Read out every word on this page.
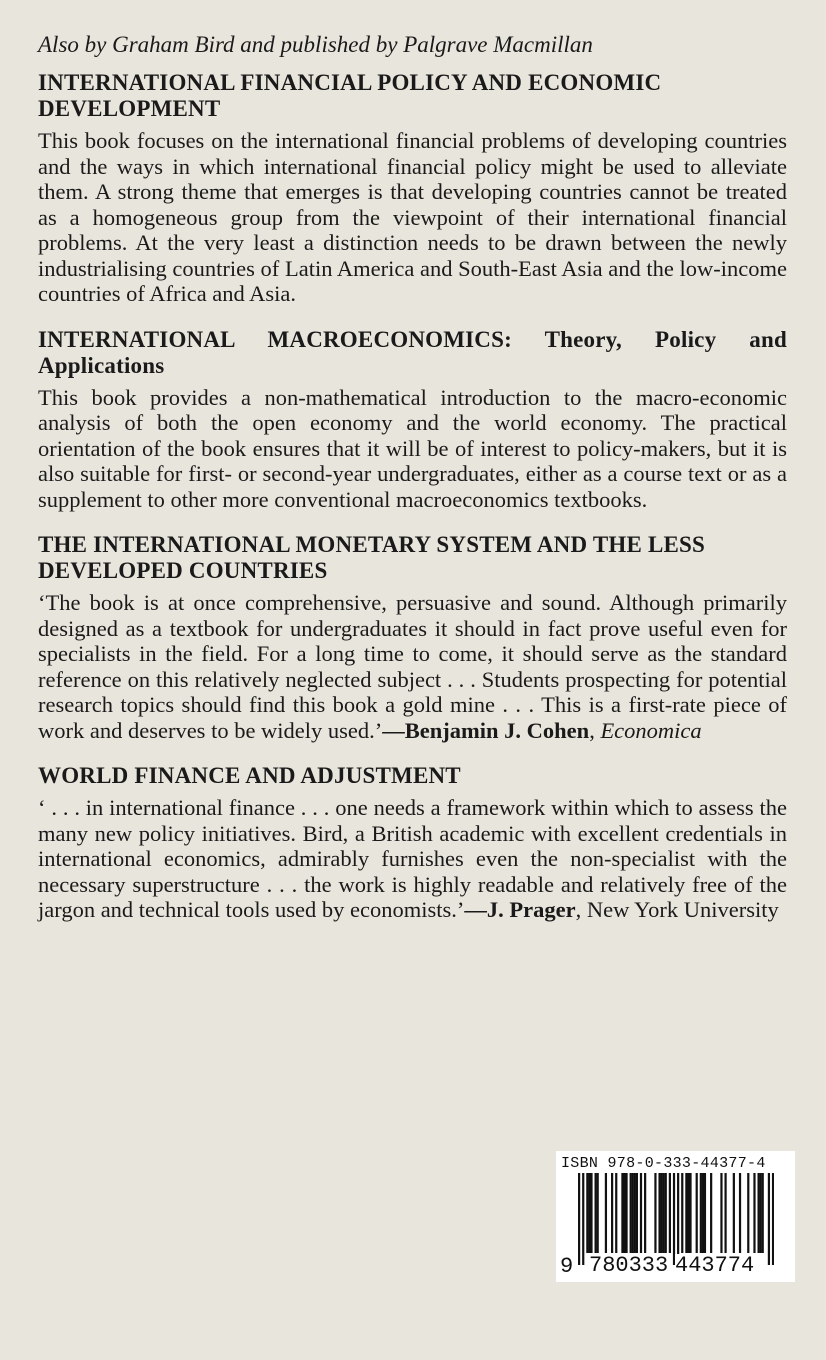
Also by Graham Bird and published by Palgrave Macmillan

INTERNATIONAL FINANCIAL POLICY AND ECONOMIC DEVELOPMENT

This book focuses on the international financial problems of developing countries and the ways in which international financial policy might be used to alleviate them. A strong theme that emerges is that developing countries cannot be treated as a homogeneous group from the viewpoint of their international financial problems. At the very least a distinction needs to be drawn between the newly industrialising countries of Latin America and South-East Asia and the low-income countries of Africa and Asia.

INTERNATIONAL MACROECONOMICS: Theory, Policy and
Applications

This book provides a non-mathematical introduction to the macro-economic analysis of both the open economy and the world economy. The practical orientation of the book ensures that it will be of interest to policy-makers, but it is also suitable for first- or second-year undergraduates, either as a course text or as a supplement to other more conventional macroeconomics textbooks.

THE INTERNATIONAL MONETARY SYSTEM AND THE LESS DEVELOPED COUNTRIES

‘The book is at once comprehensive, persuasive and sound. Although primarily designed as a textbook for undergraduates it should in fact prove useful even for specialists in the field. For a long time to come, it should serve as the standard reference on this relatively neglected subject . . . Students prospecting for potential research topics should find this book a gold mine . . . This is a first-rate piece of work and deserves to be widely used.’—Benjamin J. Cohen, Economica

WORLD FINANCE AND ADJUSTMENT

‘ . . . in international finance . . . one needs a framework within which to assess the many new policy initiatives. Bird, a British academic with excellent credentials in international economics, admirably furnishes even the non-specialist with the necessary superstructure . . . the work is highly readable and relatively free of the jargon and technical tools used by economists.’—J. Prager, New York University

ISBN 978-0-333-44377-4
9 780333 443774
